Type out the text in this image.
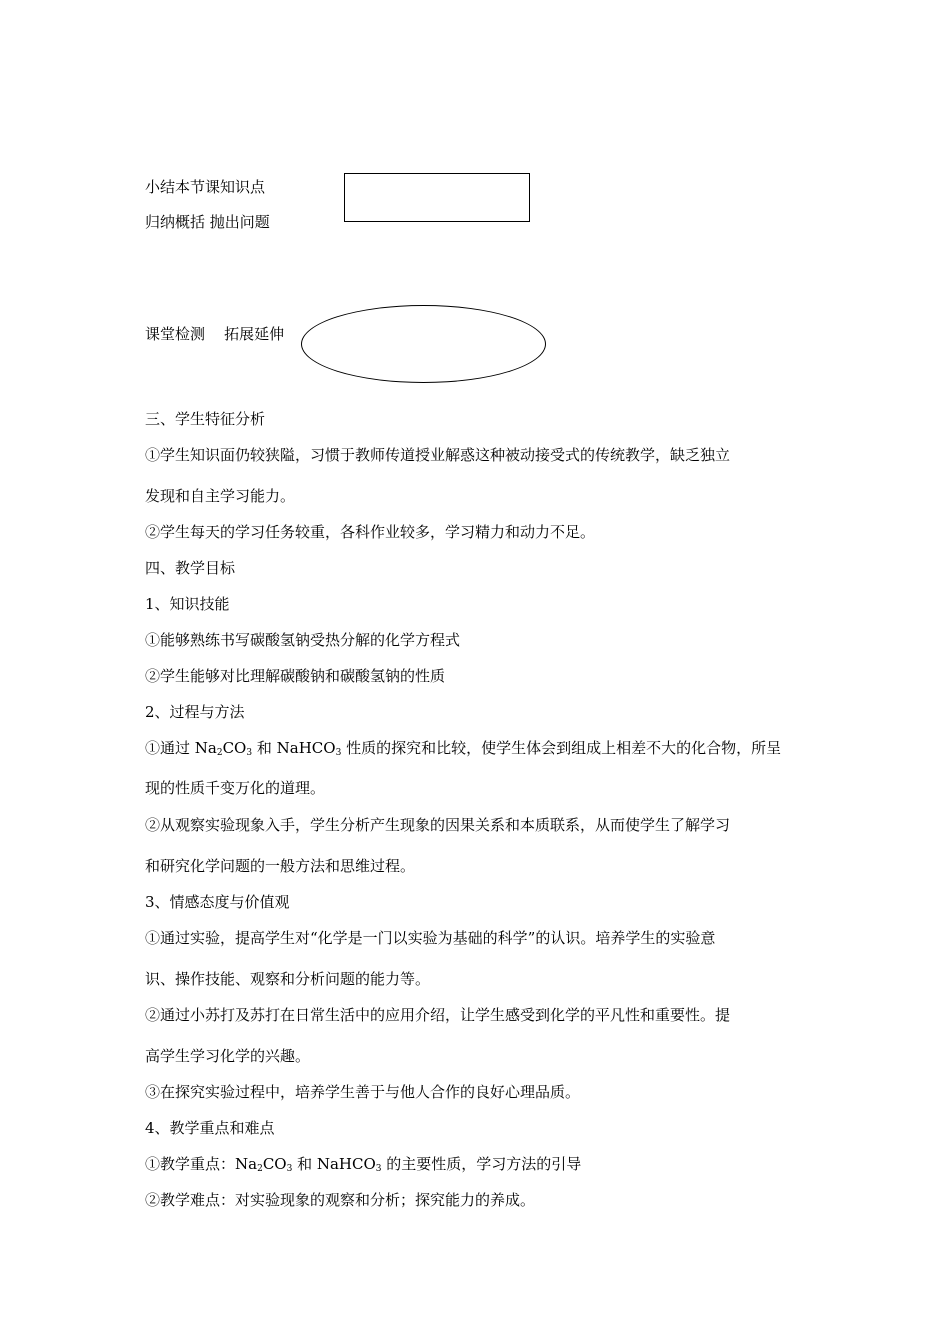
小结本节课知识点
归纳概括 抛出问题
课堂检测    拓展延伸
三、学生特征分析
①学生知识面仍较狭隘，习惯于教师传道授业解惑这种被动接受式的传统教学，缺乏独立
发现和自主学习能力。
②学生每天的学习任务较重，各科作业较多，学习精力和动力不足。
四、教学目标
1、知识技能
①能够熟练书写碳酸氢钠受热分解的化学方程式
②学生能够对比理解碳酸钠和碳酸氢钠的性质
2、过程与方法
①通过 $Na_2CO_3$ 和 NaHCO$_3$ 性质的探究和比较，使学生体会到组成上相差不大的化合物，所呈
现的性质千变万化的道理。
②从观察实验现象入手，学生分析产生现象的因果关系和本质联系，从而使学生了解学习
和研究化学问题的一般方法和思维过程。
3、情感态度与价值观
①通过实验，提高学生对“化学是一门以实验为基础的科学”的认识。培养学生的实验意
识、操作技能、观察和分析问题的能力等。
②通过小苏打及苏打在日常生活中的应用介绍，让学生感受到化学的平凡性和重要性。提
高学生学习化学的兴趣。
③在探究实验过程中，培养学生善于与他人合作的良好心理品质。
4、教学重点和难点
①教学重点：$Na_2CO_3$ 和 NaHCO$_3$ 的主要性质，学习方法的引导
②教学难点：对实验现象的观察和分析；探究能力的养成。
